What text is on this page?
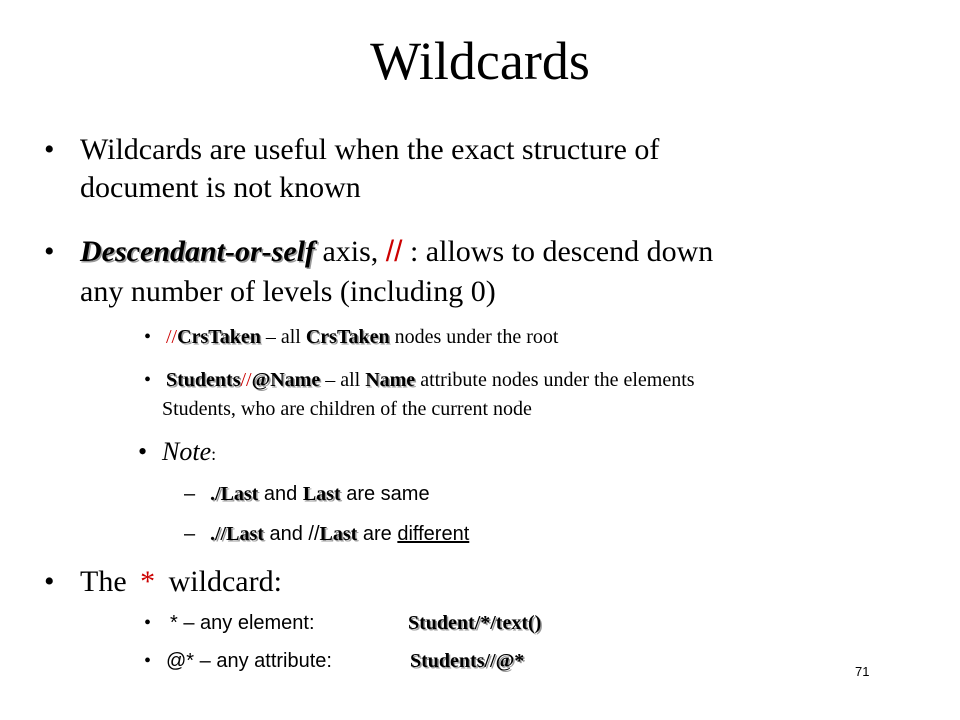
Wildcards
• Wildcards are useful when the exact structure of
document is not known
• Descendant-or-self axis, // : allows to descend down
any number of levels (including 0)
• //CrsTaken – all CrsTaken nodes under the root
• Students//@Name – all Name attribute nodes under the elements
Students, who are children of the current node
• Note:
– ./Last and Last are same
– .//Last and //Last are different
• The * wildcard:
• * – any element:	Student/*/text()
• @* – any attribute:	Students//@*	71
